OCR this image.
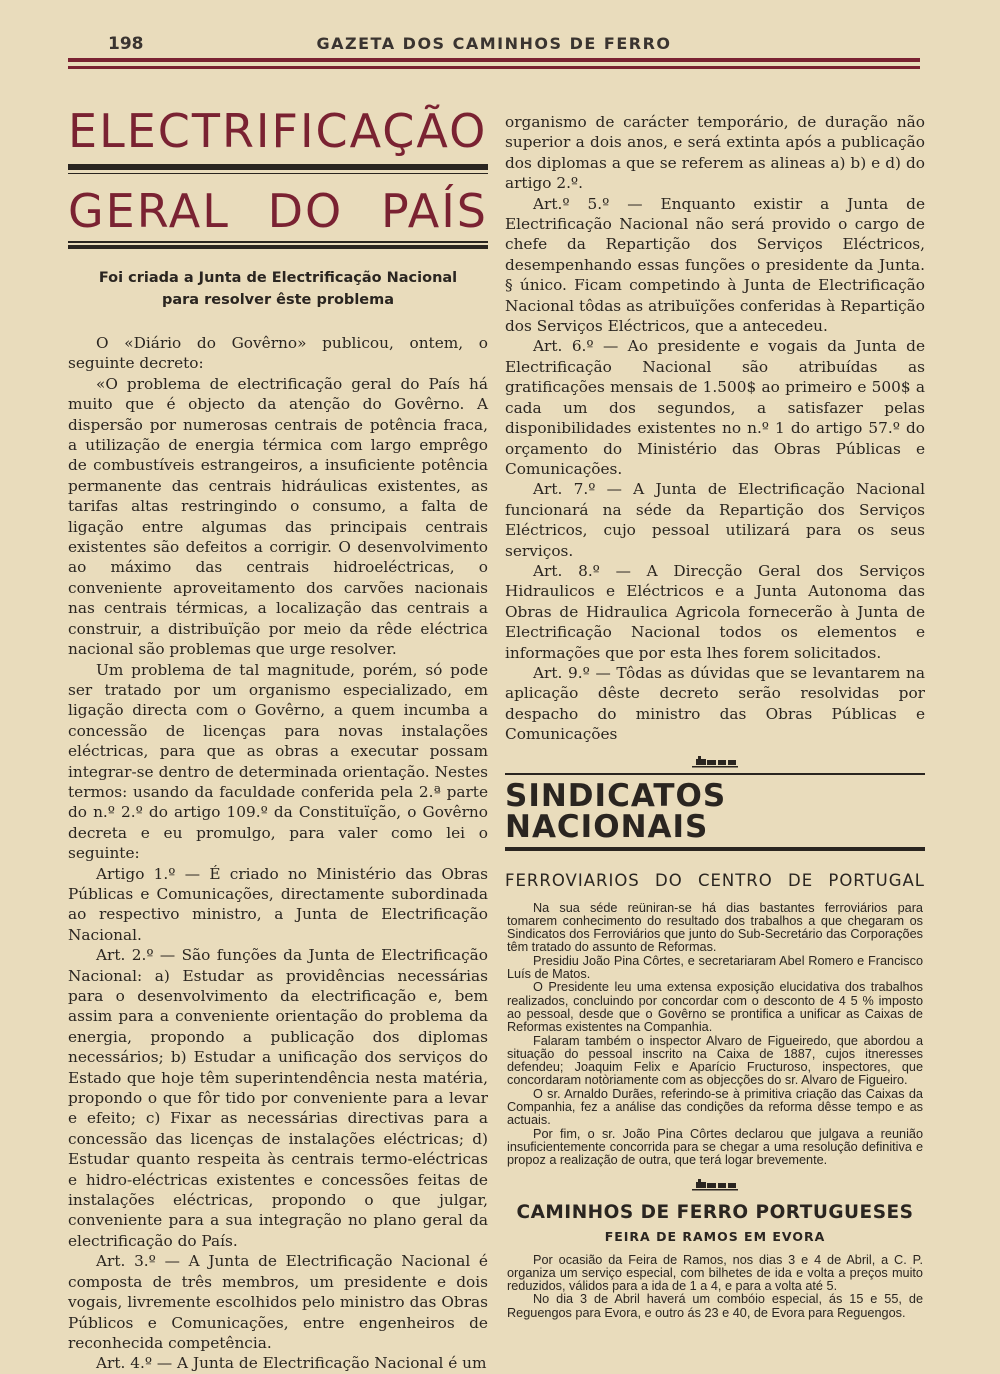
198	GAZETA DOS CAMINHOS DE FERRO
ELECTRIFICAÇÃO
GERAL DO PAÍS
Foi criada a Junta de Electrificação Nacional
para resolver êste problema

O «Diário do Govêrno» publicou, ontem, o seguinte decreto:

«O problema de electrificação geral do País há muito que é objecto da atenção do Govêrno. A dispersão por numerosas centrais de potência fraca, a utilização de energia térmica com largo emprêgo de combustíveis estrangeiros, a insuficiente potência permanente das centrais hidráulicas existentes, as tarifas altas restringindo o consumo, a falta de ligação entre algumas das principais centrais existentes são defeitos a corrigir. O desenvolvimento ao máximo das centrais hidroeléctricas, o conveniente aproveitamento dos carvões nacionais nas centrais térmicas, a localização das centrais a construir, a distribuïção por meio da rêde eléctrica nacional são problemas que urge resolver.

Um problema de tal magnitude, porém, só pode ser tratado por um organismo especializado, em ligação directa com o Govêrno, a quem incumba a concessão de licenças para novas instalações eléctricas, para que as obras a executar possam integrar-se dentro de determinada orientação. Nestes termos: usando da faculdade conferida pela 2.ª parte do n.º 2.º do artigo 109.º da Constituïção, o Govêrno decreta e eu promulgo, para valer como lei o seguinte:

Artigo 1.º — É criado no Ministério das Obras Públicas e Comunicações, directamente subordinada ao respectivo ministro, a Junta de Electrificação Nacional.

Art. 2.º — São funções da Junta de Electrificação Nacional: a) Estudar as providências necessárias para o desenvolvimento da electrificação e, bem assim para a conveniente orientação do problema da energia, propondo a publicação dos diplomas necessários; b) Estudar a unificação dos serviços do Estado que hoje têm superintendência nesta matéria, propondo o que fôr tido por conveniente para a levar e efeito; c) Fixar as necessárias directivas para a concessão das licenças de instalações eléctricas; d) Estudar quanto respeita às centrais termo-eléctricas e hidro-eléctricas existentes e concessões feitas de instalações eléctricas, propondo o que julgar, conveniente para a sua integração no plano geral da electrificação do País.

Art. 3.º — A Junta de Electrificação Nacional é composta de três membros, um presidente e dois vogais, livremente escolhidos pelo ministro das Obras Públicos e Comunicações, entre engenheiros de reconhecida competência.

Art. 4.º — A Junta de Electrificação Nacional é um

organismo de carácter temporário, de duração não superior a dois anos, e será extinta após a publicação dos diplomas a que se referem as alineas a) b) e d) do artigo 2.º.

Art.º 5.º — Enquanto existir a Junta de Electrificação Nacional não será provido o cargo de chefe da Repartição dos Serviços Eléctricos, desempenhando essas funções o presidente da Junta. § único. Ficam competindo à Junta de Electrificação Nacional tôdas as atribuïções conferidas à Repartição dos Serviços Eléctricos, que a antecedeu.

Art. 6.º — Ao presidente e vogais da Junta de Electrificação Nacional são atribuídas as gratificações mensais de 1.500$ ao primeiro e 500$ a cada um dos segundos, a satisfazer pelas disponibilidades existentes no n.º 1 do artigo 57.º do orçamento do Ministério das Obras Públicas e Comunicações.

Art. 7.º — A Junta de Electrificação Nacional funcionará na séde da Repartição dos Serviços Eléctricos, cujo pessoal utilizará para os seus serviços.

Art. 8.º — A Direcção Geral dos Serviços Hidraulicos e Eléctricos e a Junta Autonoma das Obras de Hidraulica Agricola fornecerão à Junta de Electrificação Nacional todos os elementos e informações que por esta lhes forem solicitados.

Art. 9.º — Tôdas as dúvidas que se levantarem na aplicação dêste decreto serão resolvidas por despacho do ministro das Obras Públicas e Comunicações

SINDICATOS NACIONAIS
FERROVIARIOS DO CENTRO DE PORTUGAL

Na sua séde reüniran-se há dias bastantes ferroviários para tomarem conhecimento do resultado dos trabalhos a que chegaram os Sindicatos dos Ferroviários que junto do Sub-Secretário das Corporações têm tratado do assunto de Reformas.

Presidiu João Pina Côrtes, e secretariaram Abel Romero e Francisco Luís de Matos.

O Presidente leu uma extensa exposição elucidativa dos trabalhos realizados, concluindo por concordar com o desconto de 4 5 % imposto ao pessoal, desde que o Govêrno se prontifica a unificar as Caixas de Reformas existentes na Companhia.

Falaram também o inspector Alvaro de Figueiredo, que abordou a situação do pessoal inscrito na Caixa de 1887, cujos itneresses defendeu; Joaquim Felix e Aparício Fructuroso, inspectores, que concordaram notòriamente com as objecções do sr. Alvaro de Figueiro.

O sr. Arnaldo Durães, referindo-se à primitiva criação das Caixas da Companhia, fez a análise das condições da reforma dêsse tempo e as actuais.

Por fim, o sr. João Pina Côrtes declarou que julgava a reunião insuficientemente concorrida para se chegar a uma resolução definitiva e propoz a realização de outra, que terá logar brevemente.

CAMINHOS DE FERRO PORTUGUESES
FEIRA DE RAMOS EM EVORA

Por ocasião da Feira de Ramos, nos dias 3 e 4 de Abril, a C. P. organiza um serviço especial, com bilhetes de ida e volta a preços muito reduzidos, válidos para a ida de 1 a 4, e para a volta até 5.

No dia 3 de Abril haverá um combóio especial, ás 15 e 55, de Reguengos para Evora, e outro ás 23 e 40, de Evora para Reguengos.
